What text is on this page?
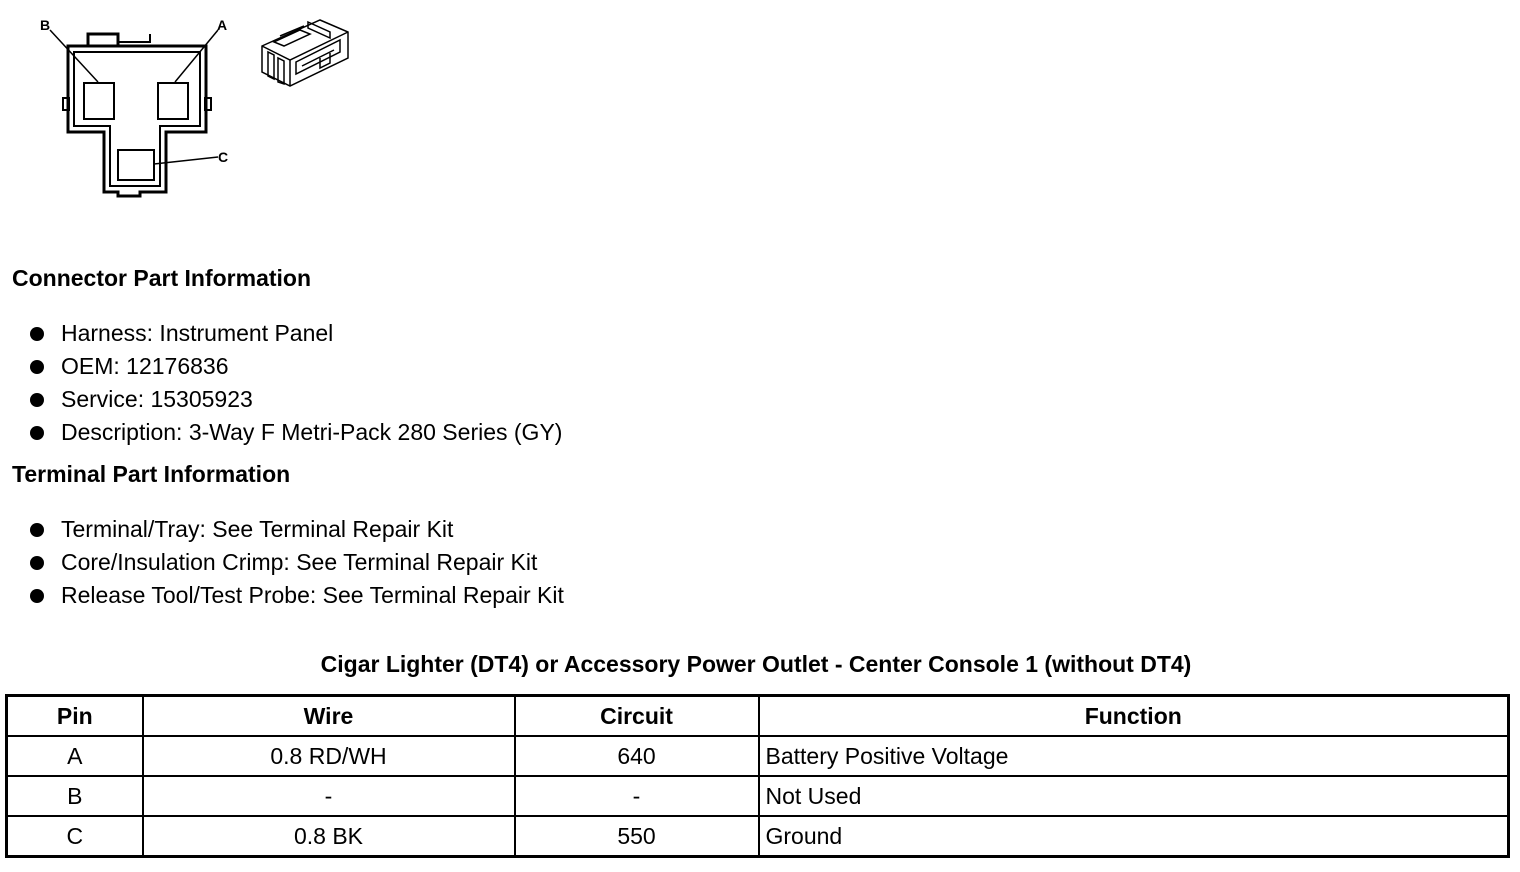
B	A
C
Connector Part Information
Harness: Instrument Panel
OEM: 12176836
Service: 15305923
Description: 3-Way F Metri-Pack 280 Series (GY)
Terminal Part Information
Terminal/Tray: See Terminal Repair Kit
Core/Insulation Crimp: See Terminal Repair Kit
Release Tool/Test Probe: See Terminal Repair Kit
Cigar Lighter (DT4) or Accessory Power Outlet - Center Console 1 (without DT4)
Pin	Wire	Circuit	Function
A	0.8 RD/WH	640	Battery Positive Voltage
B	-	-	Not Used
C	0.8 BK	550	Ground
